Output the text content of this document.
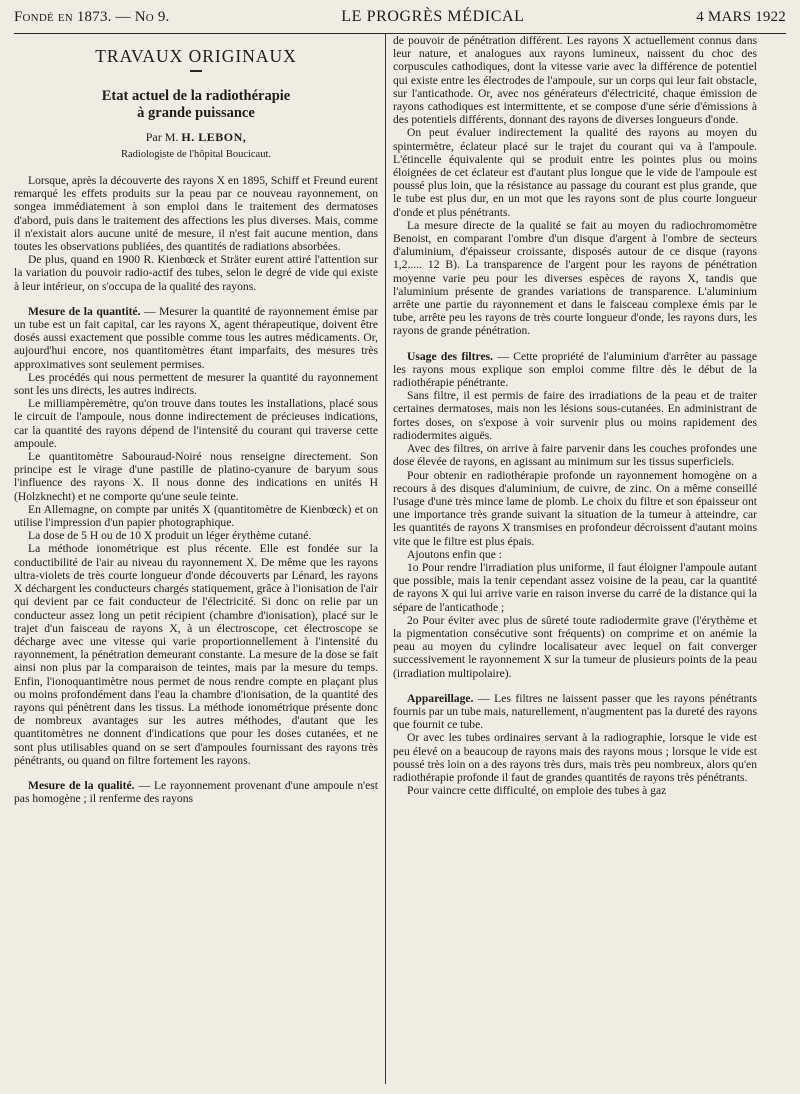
Fondé en 1873. — No 9.	LE PROGRÈS MÉDICAL	4 MARS 1922
TRAVAUX ORIGINAUX
Etat actuel de la radiothérapie
à grande puissance
Par M. H. LEBON,
Radiologiste de l'hôpital Boucicaut.

Lorsque, après la découverte des rayons X en 1895, Schiff et Freund eurent remarqué les effets produits sur la peau par ce nouveau rayonnement, on songea immédiatement à son emploi dans le traitement des dermatoses d'abord, puis dans le traitement des affections les plus diverses. Mais, comme il n'existait alors aucune unité de mesure, il n'est fait aucune mention, dans toutes les observations publiées, des quantités de radiations absorbées.

De plus, quand en 1900 R. Kienbœck et Sträter eurent attiré l'attention sur la variation du pouvoir radio-actif des tubes, selon le degré de vide qui existe à leur intérieur, on s'occupa de la qualité des rayons.

Mesure de la quantité. — Mesurer la quantité de rayonnement émise par un tube est un fait capital, car les rayons X, agent thérapeutique, doivent être dosés aussi exactement que possible comme tous les autres médicaments. Or, aujourd'hui encore, nos quantitomètres étant imparfaits, des mesures très approximatives sont seulement permises.

Les procédés qui nous permettent de mesurer la quantité du rayonnement sont les uns directs, les autres indirects.

Le milliampèremètre, qu'on trouve dans toutes les installations, placé sous le circuit de l'ampoule, nous donne indirectement de précieuses indications, car la quantité des rayons dépend de l'intensité du courant qui traverse cette ampoule.

Le quantitomètre Sabouraud-Noiré nous renseigne directement. Son principe est le virage d'une pastille de platino-cyanure de baryum sous l'influence des rayons X. Il nous donne des indications en unités H (Holzknecht) et ne comporte qu'une seule teinte.

En Allemagne, on compte par unités X (quantitomètre de Kienbœck) et on utilise l'impression d'un papier photographique.

La dose de 5 H ou de 10 X produit un léger érythème cutané.

La méthode ionométrique est plus récente. Elle est fondée sur la conductibilité de l'air au niveau du rayonnement X. De même que les rayons ultra-violets de très courte longueur d'onde découverts par Lénard, les rayons X déchargent les conducteurs chargés statiquement, grâce à l'ionisation de l'air qui devient par ce fait conducteur de l'électricité. Si donc on relie par un conducteur assez long un petit récipient (chambre d'ionisation), placé sur le trajet d'un faisceau de rayons X, à un électroscope, cet électroscope se décharge avec une vitesse qui varie proportionnellement à l'intensité du rayonnement, la pénétration demeurant constante. La mesure de la dose se fait ainsi non plus par la comparaison de teintes, mais par la mesure du temps. Enfin, l'ionoquantimètre nous permet de nous rendre compte en plaçant plus ou moins profondément dans l'eau la chambre d'ionisation, de la quantité des rayons qui pénètrent dans les tissus. La méthode ionométrique présente donc de nombreux avantages sur les autres méthodes, d'autant que les quantitomètres ne donnent d'indications que pour les doses cutanées, et ne sont plus utilisables quand on se sert d'ampoules fournissant des rayons très pénétrants, ou quand on filtre fortement les rayons.

Mesure de la qualité. — Le rayonnement provenant d'une ampoule n'est pas homogène ; il renferme des rayons

de pouvoir de pénétration différent. Les rayons X actuellement connus dans leur nature, et analogues aux rayons lumineux, naissent du choc des corpuscules cathodiques, dont la vitesse varie avec la différence de potentiel qui existe entre les électrodes de l'ampoule, sur un corps qui leur fait obstacle, sur l'anticathode. Or, avec nos générateurs d'électricité, chaque émission de rayons cathodiques est intermittente, et se compose d'une série d'émissions à des potentiels différents, donnant des rayons de diverses longueurs d'onde.

On peut évaluer indirectement la qualité des rayons au moyen du spintermètre, éclateur placé sur le trajet du courant qui va à l'ampoule. L'étincelle équivalente qui se produit entre les pointes plus ou moins éloignées de cet éclateur est d'autant plus longue que le vide de l'ampoule est poussé plus loin, que la résistance au passage du courant est plus grande, que le tube est plus dur, en un mot que les rayons sont de plus courte longueur d'onde et plus pénétrants.

La mesure directe de la qualité se fait au moyen du radiochromomètre Benoist, en comparant l'ombre d'un disque d'argent à l'ombre de secteurs d'aluminium, d'épaisseur croissante, disposés autour de ce disque (rayons 1,2..... 12 B). La transparence de l'argent pour les rayons de pénétration moyenne varie peu pour les diverses espèces de rayons X, tandis que l'aluminium présente de grandes variations de transparence. L'aluminium arrête une partie du rayonnement et dans le faisceau complexe émis par le tube, arrête peu les rayons de très courte longueur d'onde, les rayons durs, les rayons de grande pénétration.

Usage des filtres. — Cette propriété de l'aluminium d'arrêter au passage les rayons mous explique son emploi comme filtre dès le début de la radiothérapie pénétrante.

Sans filtre, il est permis de faire des irradiations de la peau et de traiter certaines dermatoses, mais non les lésions sous-cutanées. En administrant de fortes doses, on s'expose à voir survenir plus ou moins rapidement des radiodermites aiguës.

Avec des filtres, on arrive à faire parvenir dans les couches profondes une dose élevée de rayons, en agissant au minimum sur les tissus superficiels.

Pour obtenir en radiothérapie profonde un rayonnement homogène on a recours à des disques d'aluminium, de cuivre, de zinc. On a même conseillé l'usage d'une très mince lame de plomb. Le choix du filtre et son épaisseur ont une importance très grande suivant la situation de la tumeur à atteindre, car les quantités de rayons X transmises en profondeur décroissent d'autant moins vite que le filtre est plus épais.

Ajoutons enfin que :

1o Pour rendre l'irradiation plus uniforme, il faut éloigner l'ampoule autant que possible, mais la tenir cependant assez voisine de la peau, car la quantité de rayons X qui lui arrive varie en raison inverse du carré de la distance qui la sépare de l'anticathode ;

2o Pour éviter avec plus de sûreté toute radiodermite grave (l'érythème et la pigmentation consécutive sont fréquents) on comprime et on anémie la peau au moyen du cylindre localisateur avec lequel on fait converger successivement le rayonnement X sur la tumeur de plusieurs points de la peau (irradiation multipolaire).

Appareillage. — Les filtres ne laissent passer que les rayons pénétrants fournis par un tube mais, naturellement, n'augmentent pas la dureté des rayons que fournit ce tube.

Or avec les tubes ordinaires servant à la radiographie, lorsque le vide est peu élevé on a beaucoup de rayons mais des rayons mous ; lorsque le vide est poussé très loin on a des rayons très durs, mais très peu nombreux, alors qu'en radiothérapie profonde il faut de grandes quantités de rayons très pénétrants.

Pour vaincre cette difficulté, on emploie des tubes à gaz
